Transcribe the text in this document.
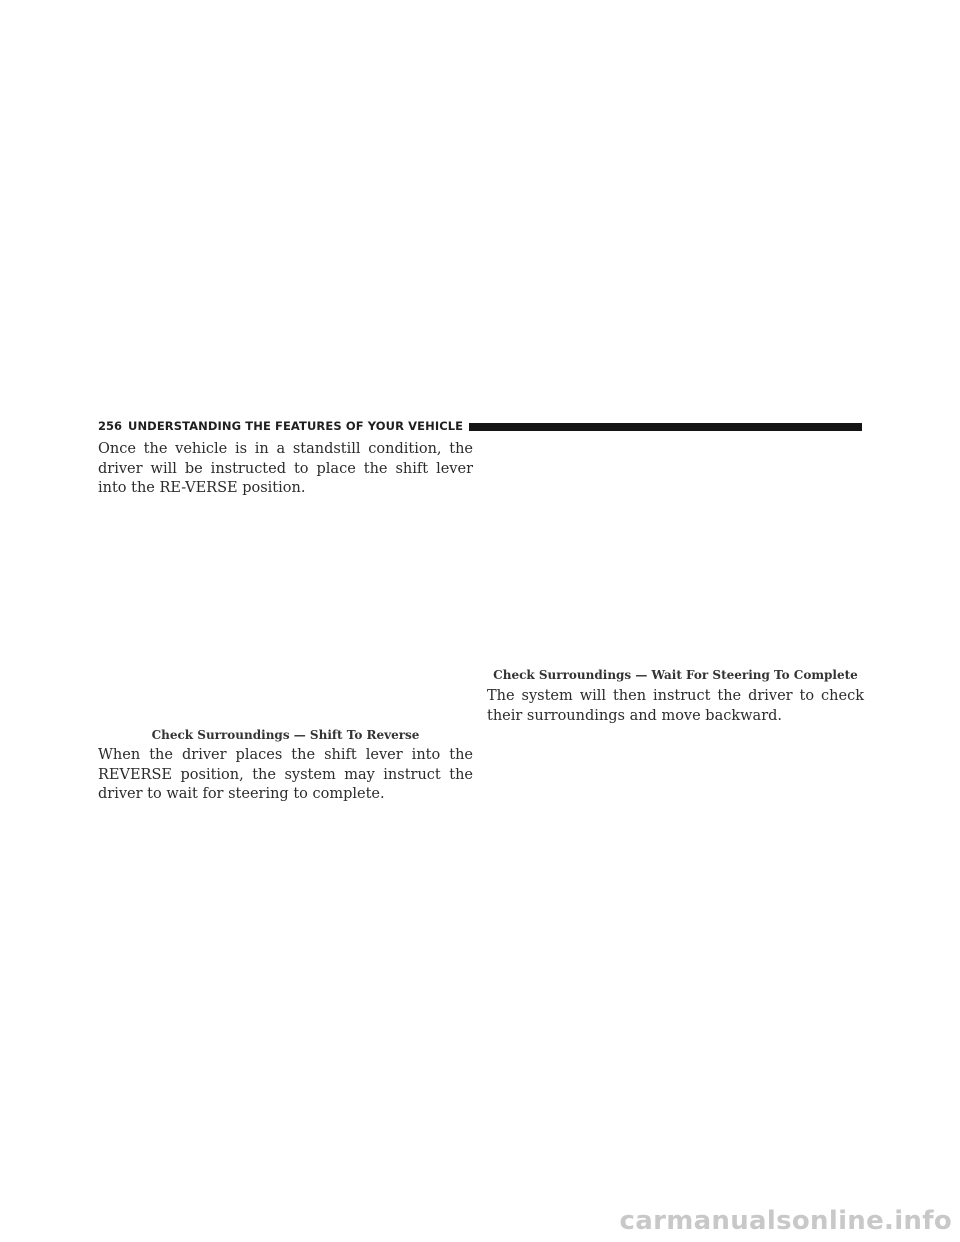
256 UNDERSTANDING THE FEATURES OF YOUR VEHICLE

Once the vehicle is in a standstill condition, the driver will be instructed to place the shift lever into the RE-VERSE position.

Check Surroundings — Shift To Reverse

When the driver places the shift lever into the REVERSE position, the system may instruct the driver to wait for steering to complete.

Check Surroundings — Wait For Steering To Complete

The system will then instruct the driver to check their surroundings and move backward.

carmanualsonline.info
